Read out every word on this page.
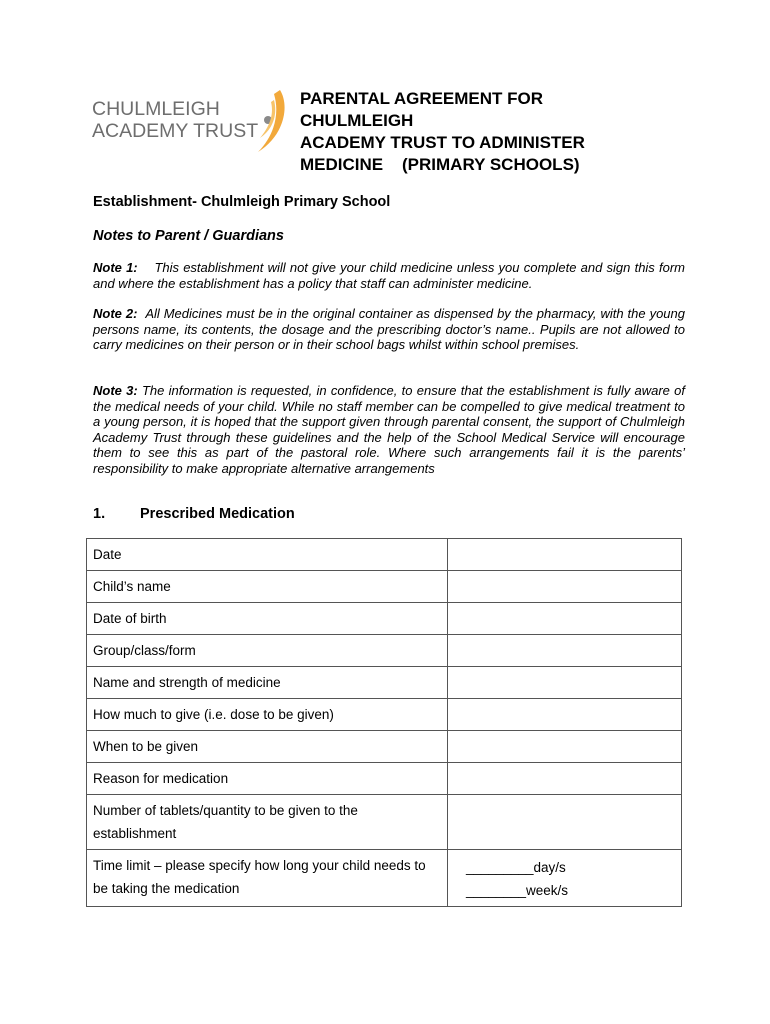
CHULMLEIGH
ACADEMY TRUST
PARENTAL AGREEMENT FOR
CHULMLEIGH
ACADEMY TRUST TO ADMINISTER
MEDICINE    (PRIMARY SCHOOLS)
Establishment- Chulmleigh Primary School
Notes to Parent / Guardians
Note 1: This establishment will not give your child medicine unless you complete and sign this form and where the establishment has a policy that staff can administer medicine.
Note 2: All Medicines must be in the original container as dispensed by the pharmacy, with the young persons name, its contents, the dosage and the prescribing doctor’s name.. Pupils are not allowed to carry medicines on their person or in their school bags whilst within school premises.
Note 3: The information is requested, in confidence, to ensure that the establishment is fully aware of the medical needs of your child. While no staff member can be compelled to give medical treatment to a young person, it is hoped that the support given through parental consent, the support of Chulmleigh Academy Trust through these guidelines and the help of the School Medical Service will encourage them to see this as part of the pastoral role. Where such arrangements fail it is the parents’ responsibility to make appropriate alternative arrangements
1. Prescribed Medication
Date	
Child’s name	
Date of birth	
Group/class/form	
Name and strength of medicine	
How much to give (i.e. dose to be given)	
When to be given	
Reason for medication	
Number of tablets/quantity to be given to the establishment	
Time limit – please specify how long your child needs to be taking the medication	_________day/s
________week/s
